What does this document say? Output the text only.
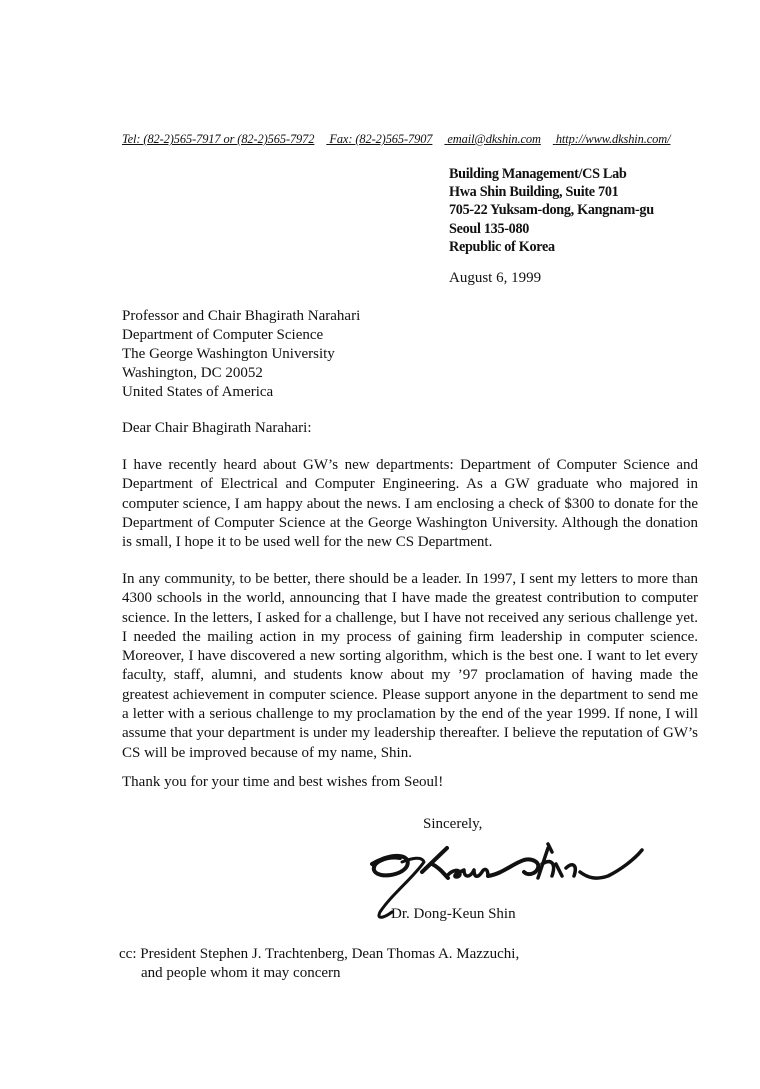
Tel: (82-2)565-7917 or (82-2)565-7972 Fax: (82-2)565-7907 email@dkshin.com http://www.dkshin.com/
Building Management/CS Lab
Hwa Shin Building, Suite 701
705-22 Yuksam-dong, Kangnam-gu
Seoul 135-080
Republic of Korea
August 6, 1999
Professor and Chair Bhagirath Narahari
Department of Computer Science
The George Washington University
Washington, DC 20052
United States of America
Dear Chair Bhagirath Narahari:
I have recently heard about GW’s new departments: Department of Computer Science and Department of Electrical and Computer Engineering. As a GW graduate who majored in computer science, I am happy about the news. I am enclosing a check of $300 to donate for the Department of Computer Science at the George Washington University. Although the donation is small, I hope it to be used well for the new CS Department.
In any community, to be better, there should be a leader. In 1997, I sent my letters to more than 4300 schools in the world, announcing that I have made the greatest contribution to computer science. In the letters, I asked for a challenge, but I have not received any serious challenge yet. I needed the mailing action in my process of gaining firm leadership in computer science. Moreover, I have discovered a new sorting algorithm, which is the best one. I want to let every faculty, staff, alumni, and students know about my ’97 proclamation of having made the greatest achievement in computer science. Please support anyone in the department to send me a letter with a serious challenge to my proclamation by the end of the year 1999. If none, I will assume that your department is under my leadership thereafter. I believe the reputation of GW’s CS will be improved because of my name, Shin.
Thank you for your time and best wishes from Seoul!
Sincerely,
Dr. Dong-Keun Shin
cc: President Stephen J. Trachtenberg, Dean Thomas A. Mazzuchi,
and people whom it may concern
